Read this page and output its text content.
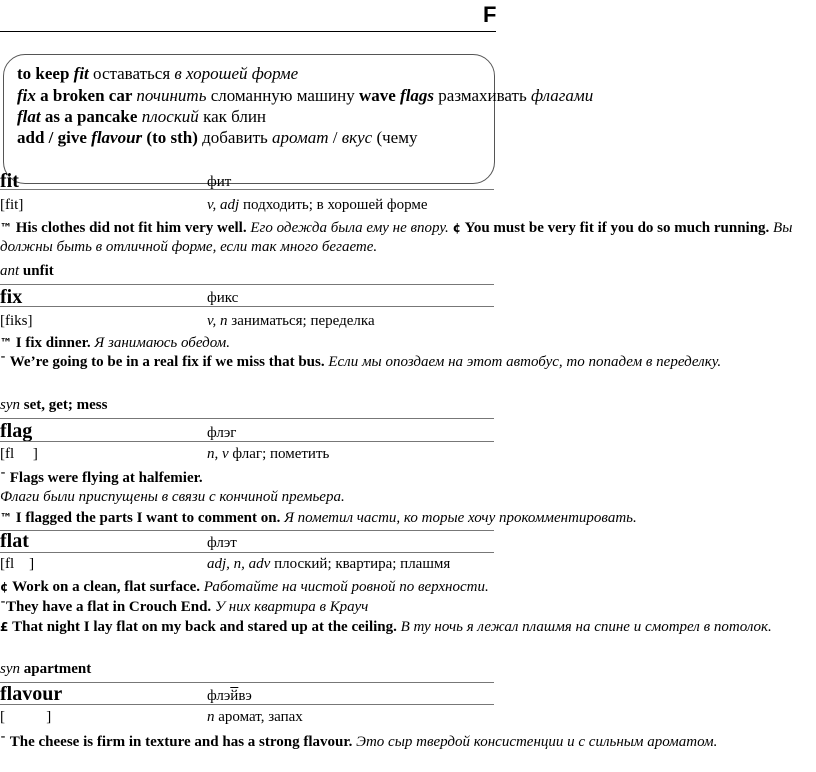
F
to keep fit оставаться в хорошей форме
fix a broken car починить сломанную машину wave flags размахивать флагами
flat as a pancake плоский как блин
add / give flavour (to sth) добавить аромат / вкус (чему
fit	фит
[fit]	v, adj подходить; в хорошей форме
™ His clothes did not fit him very well. Его одежда была ему не впору. ¢ You must be very fit if you do so much running. Вы должны быть в отличной форме, если так много бегаете.
ant unfit
fix	фикс
[fiks]	v, n заниматься; переделка
™ I fix dinner. Я занимаюсь обедом.
ˉ We’re going to be in a real fix if we miss that bus. Если мы опоздаем на этот автобус, то попадем в переделку.
syn set, get; mess
flag	флэг
[fl     ]	n, v флаг; пометить
ˉ Flags were flying at halfemier.
Флаги были приспущены в связи с кончиной премьера.
™ I flagged the parts I want to comment on. Я пометил части, ко торые хочу прокомментировать.
flat	флэт
[fl    ]	adj, n, adv плоский; квартира; плашмя
¢ Work on a clean, flat surface. Работайте на чистой ровной по верхности.
ˉThey have a flat in Crouch End. У них квартира в Крауч
£ That night I lay flat on my back and stared up at the ceiling. В ту ночь я лежал плашмя на спине и смотрел в потолок.
syn apartment
flavour	флэйвэ
[           ]	n аромат, запах
ˉ The cheese is firm in texture and has a strong flavour. Это сыр твердой консистенции и с сильным ароматом.
